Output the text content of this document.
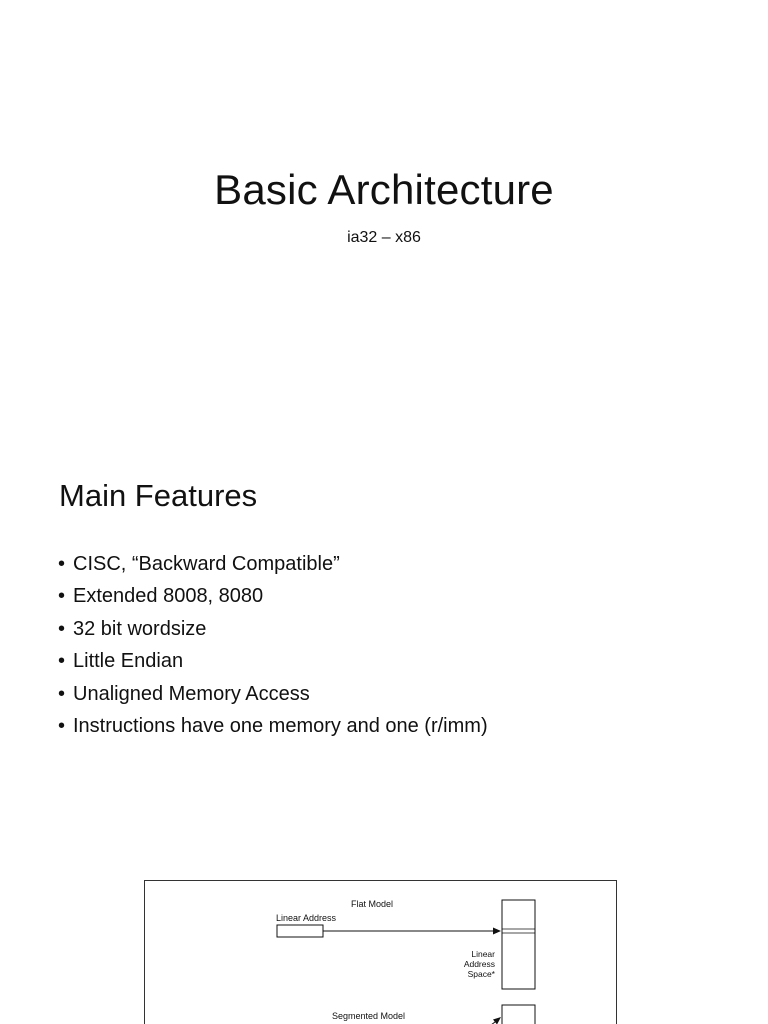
Basic Architecture
ia32 – x86
Main Features
• CISC, “Backward Compatible”
• Extended 8008, 8080
• 32 bit wordsize
• Little Endian
• Unaligned Memory Access
• Instructions have one memory and one (r/imm)
Flat Model
Linear Address
Linear
Address
Space*
Segmented Model
